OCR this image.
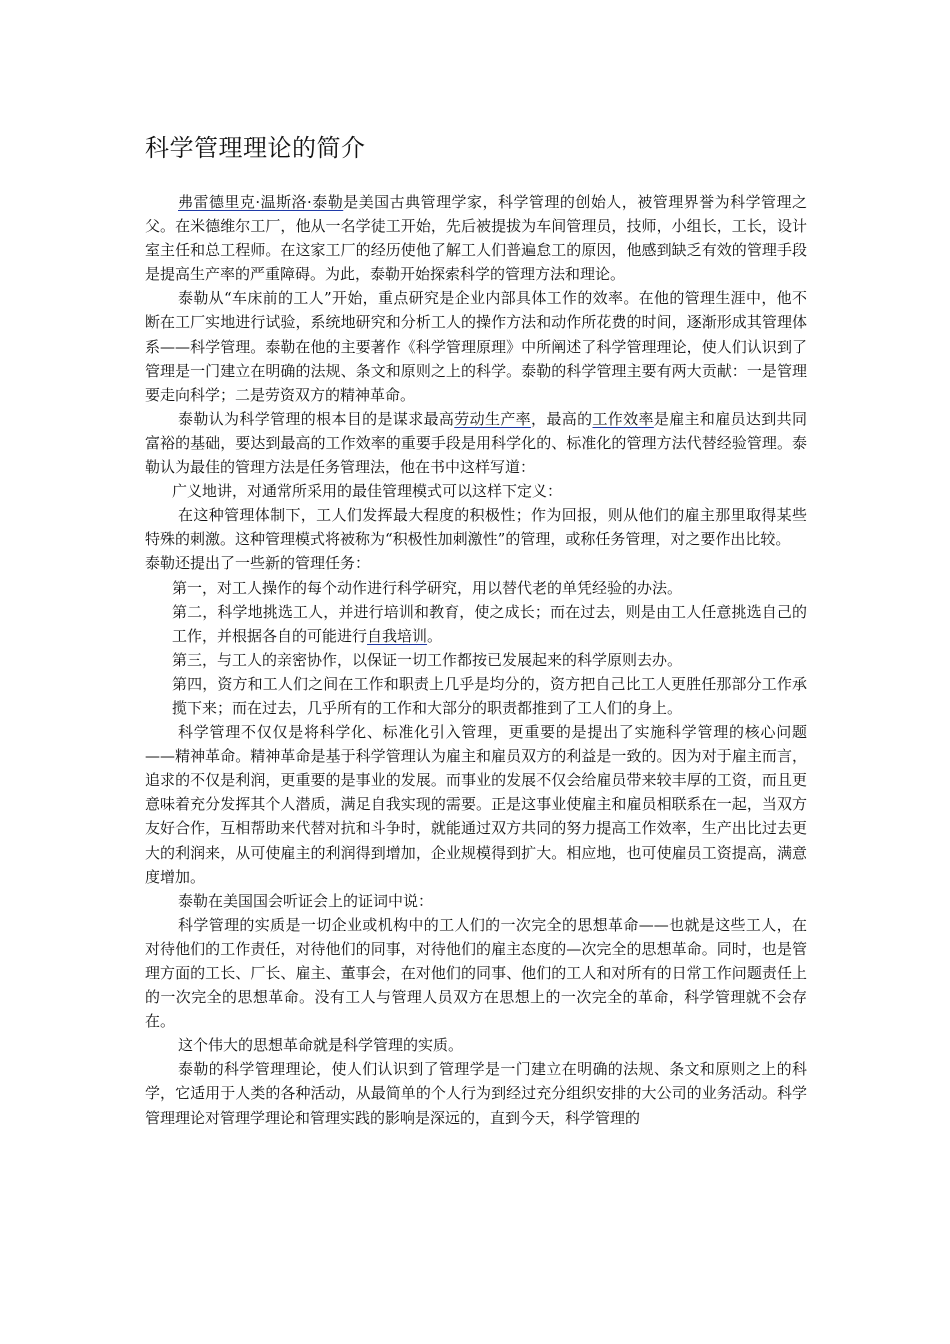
科学管理理论的简介

弗雷德里克·温斯洛·泰勒是美国古典管理学家，科学管理的创始人，被管理界誉为科学管理之父。在米德维尔工厂，他从一名学徒工开始，先后被提拔为车间管理员，技师，小组长，工长，设计室主任和总工程师。在这家工厂的经历使他了解工人们普遍怠工的原因，他感到缺乏有效的管理手段是提高生产率的严重障碍。为此，泰勒开始探索科学的管理方法和理论。

泰勒从“车床前的工人”开始，重点研究是企业内部具体工作的效率。在他的管理生涯中，他不断在工厂实地进行试验，系统地研究和分析工人的操作方法和动作所花费的时间，逐渐形成其管理体系——科学管理。泰勒在他的主要著作《科学管理原理》中所阐述了科学管理理论，使人们认识到了管理是一门建立在明确的法规、条文和原则之上的科学。泰勒的科学管理主要有两大贡献：一是管理要走向科学；二是劳资双方的精神革命。

泰勒认为科学管理的根本目的是谋求最高劳动生产率，最高的工作效率是雇主和雇员达到共同富裕的基础，要达到最高的工作效率的重要手段是用科学化的、标准化的管理方法代替经验管理。泰勒认为最佳的管理方法是任务管理法，他在书中这样写道：

广义地讲，对通常所采用的最佳管理模式可以这样下定义：

在这种管理体制下，工人们发挥最大程度的积极性；作为回报，则从他们的雇主那里取得某些特殊的刺激。这种管理模式将被称为“积极性加刺激性”的管理，或称任务管理，对之要作出比较。

泰勒还提出了一些新的管理任务：

第一，对工人操作的每个动作进行科学研究，用以替代老的单凭经验的办法。

第二，科学地挑选工人，并进行培训和教育，使之成长；而在过去，则是由工人任意挑选自己的工作，并根据各自的可能进行自我培训。

第三，与工人的亲密协作，以保证一切工作都按已发展起来的科学原则去办。

第四，资方和工人们之间在工作和职责上几乎是均分的，资方把自己比工人更胜任那部分工作承揽下来；而在过去，几乎所有的工作和大部分的职责都推到了工人们的身上。

科学管理不仅仅是将科学化、标准化引入管理，更重要的是提出了实施科学管理的核心问题——精神革命。精神革命是基于科学管理认为雇主和雇员双方的利益是一致的。因为对于雇主而言，追求的不仅是利润，更重要的是事业的发展。而事业的发展不仅会给雇员带来较丰厚的工资，而且更意味着充分发挥其个人潜质，满足自我实现的需要。正是这事业使雇主和雇员相联系在一起，当双方友好合作，互相帮助来代替对抗和斗争时，就能通过双方共同的努力提高工作效率，生产出比过去更大的利润来，从可使雇主的利润得到增加，企业规模得到扩大。相应地，也可使雇员工资提高，满意度增加。

泰勒在美国国会听证会上的证词中说：

科学管理的实质是一切企业或机构中的工人们的一次完全的思想革命——也就是这些工人，在对待他们的工作责任，对待他们的同事，对待他们的雇主态度的—次完全的思想革命。同时，也是管理方面的工长、厂长、雇主、董事会，在对他们的同事、他们的工人和对所有的日常工作问题责任上的一次完全的思想革命。没有工人与管理人员双方在思想上的一次完全的革命，科学管理就不会存在。

这个伟大的思想革命就是科学管理的实质。

泰勒的科学管理理论，使人们认识到了管理学是一门建立在明确的法规、条文和原则之上的科学，它适用于人类的各种活动，从最简单的个人行为到经过充分组织安排的大公司的业务活动。科学管理理论对管理学理论和管理实践的影响是深远的，直到今天，科学管理的
